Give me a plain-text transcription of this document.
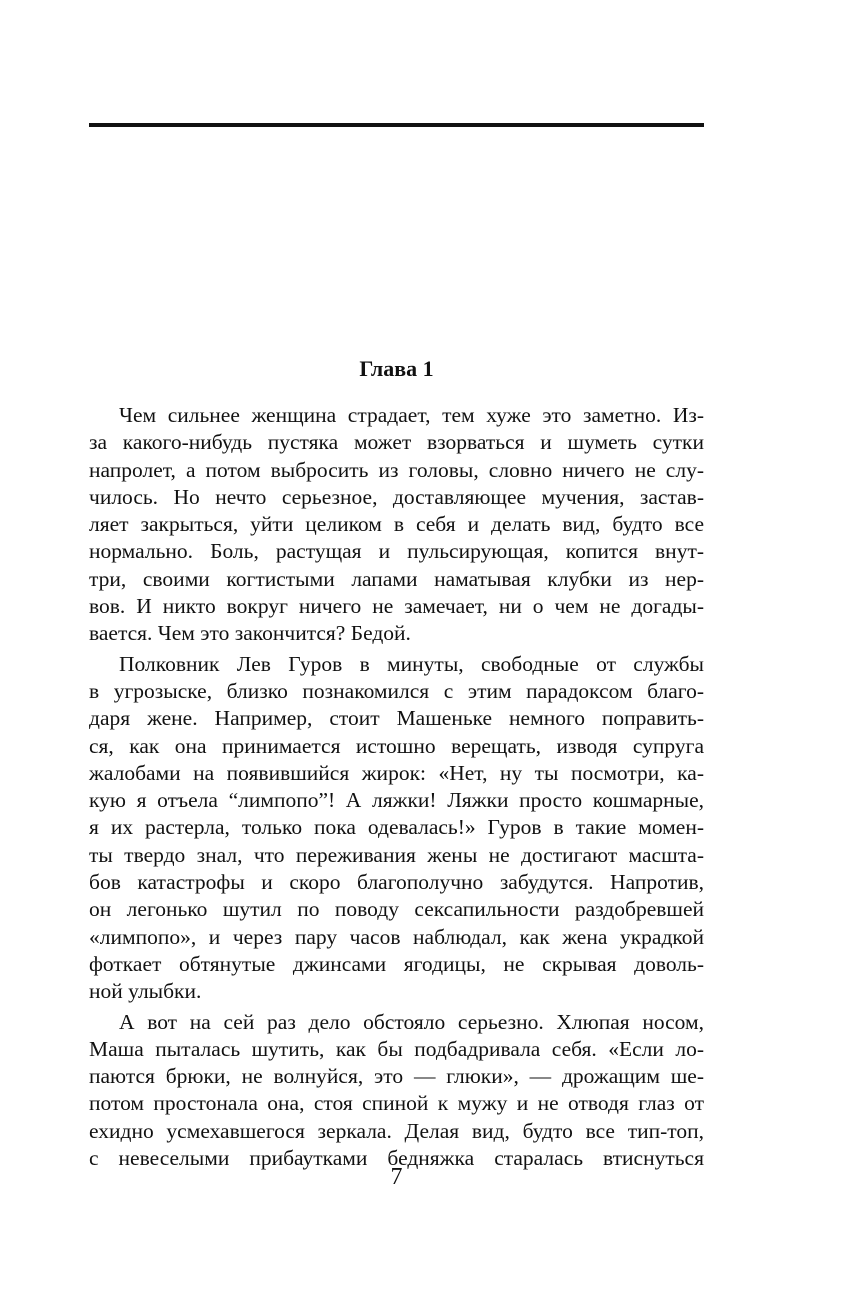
Глава 1
Чем сильнее женщина страдает, тем хуже это заметно. Из-
за какого-нибудь пустяка может взорваться и шуметь сутки
напролет, а потом выбросить из головы, словно ничего не слу-
чилось. Но нечто серьезное, доставляющее мучения, застав-
ляет закрыться, уйти целиком в себя и делать вид, будто все
нормально. Боль, растущая и пульсирующая, копится внут-
три, своими когтистыми лапами наматывая клубки из нер-
вов. И никто вокруг ничего не замечает, ни о чем не догады-
вается. Чем это закончится? Бедой.
Полковник Лев Гуров в минуты, свободные от службы
в угрозыске, близко познакомился с этим парадоксом благо-
даря жене. Например, стоит Машеньке немного поправить-
ся, как она принимается истошно верещать, изводя супруга
жалобами на появившийся жирок: «Нет, ну ты посмотри, ка-
кую я отъела “лимпопо”! А ляжки! Ляжки просто кошмарные,
я их растерла, только пока одевалась!» Гуров в такие момен-
ты твердо знал, что переживания жены не достигают масшта-
бов катастрофы и скоро благополучно забудутся. Напротив,
он легонько шутил по поводу сексапильности раздобревшей
«лимпопо», и через пару часов наблюдал, как жена украдкой
фоткает обтянутые джинсами ягодицы, не скрывая доволь-
ной улыбки.
А вот на сей раз дело обстояло серьезно. Хлюпая носом,
Маша пыталась шутить, как бы подбадривала себя. «Если ло-
паются брюки, не волнуйся, это — глюки», — дрожащим ше-
потом простонала она, стоя спиной к мужу и не отводя глаз от
ехидно усмехавшегося зеркала. Делая вид, будто все тип-топ,
с невеселыми прибаутками бедняжка старалась втиснуться
7
